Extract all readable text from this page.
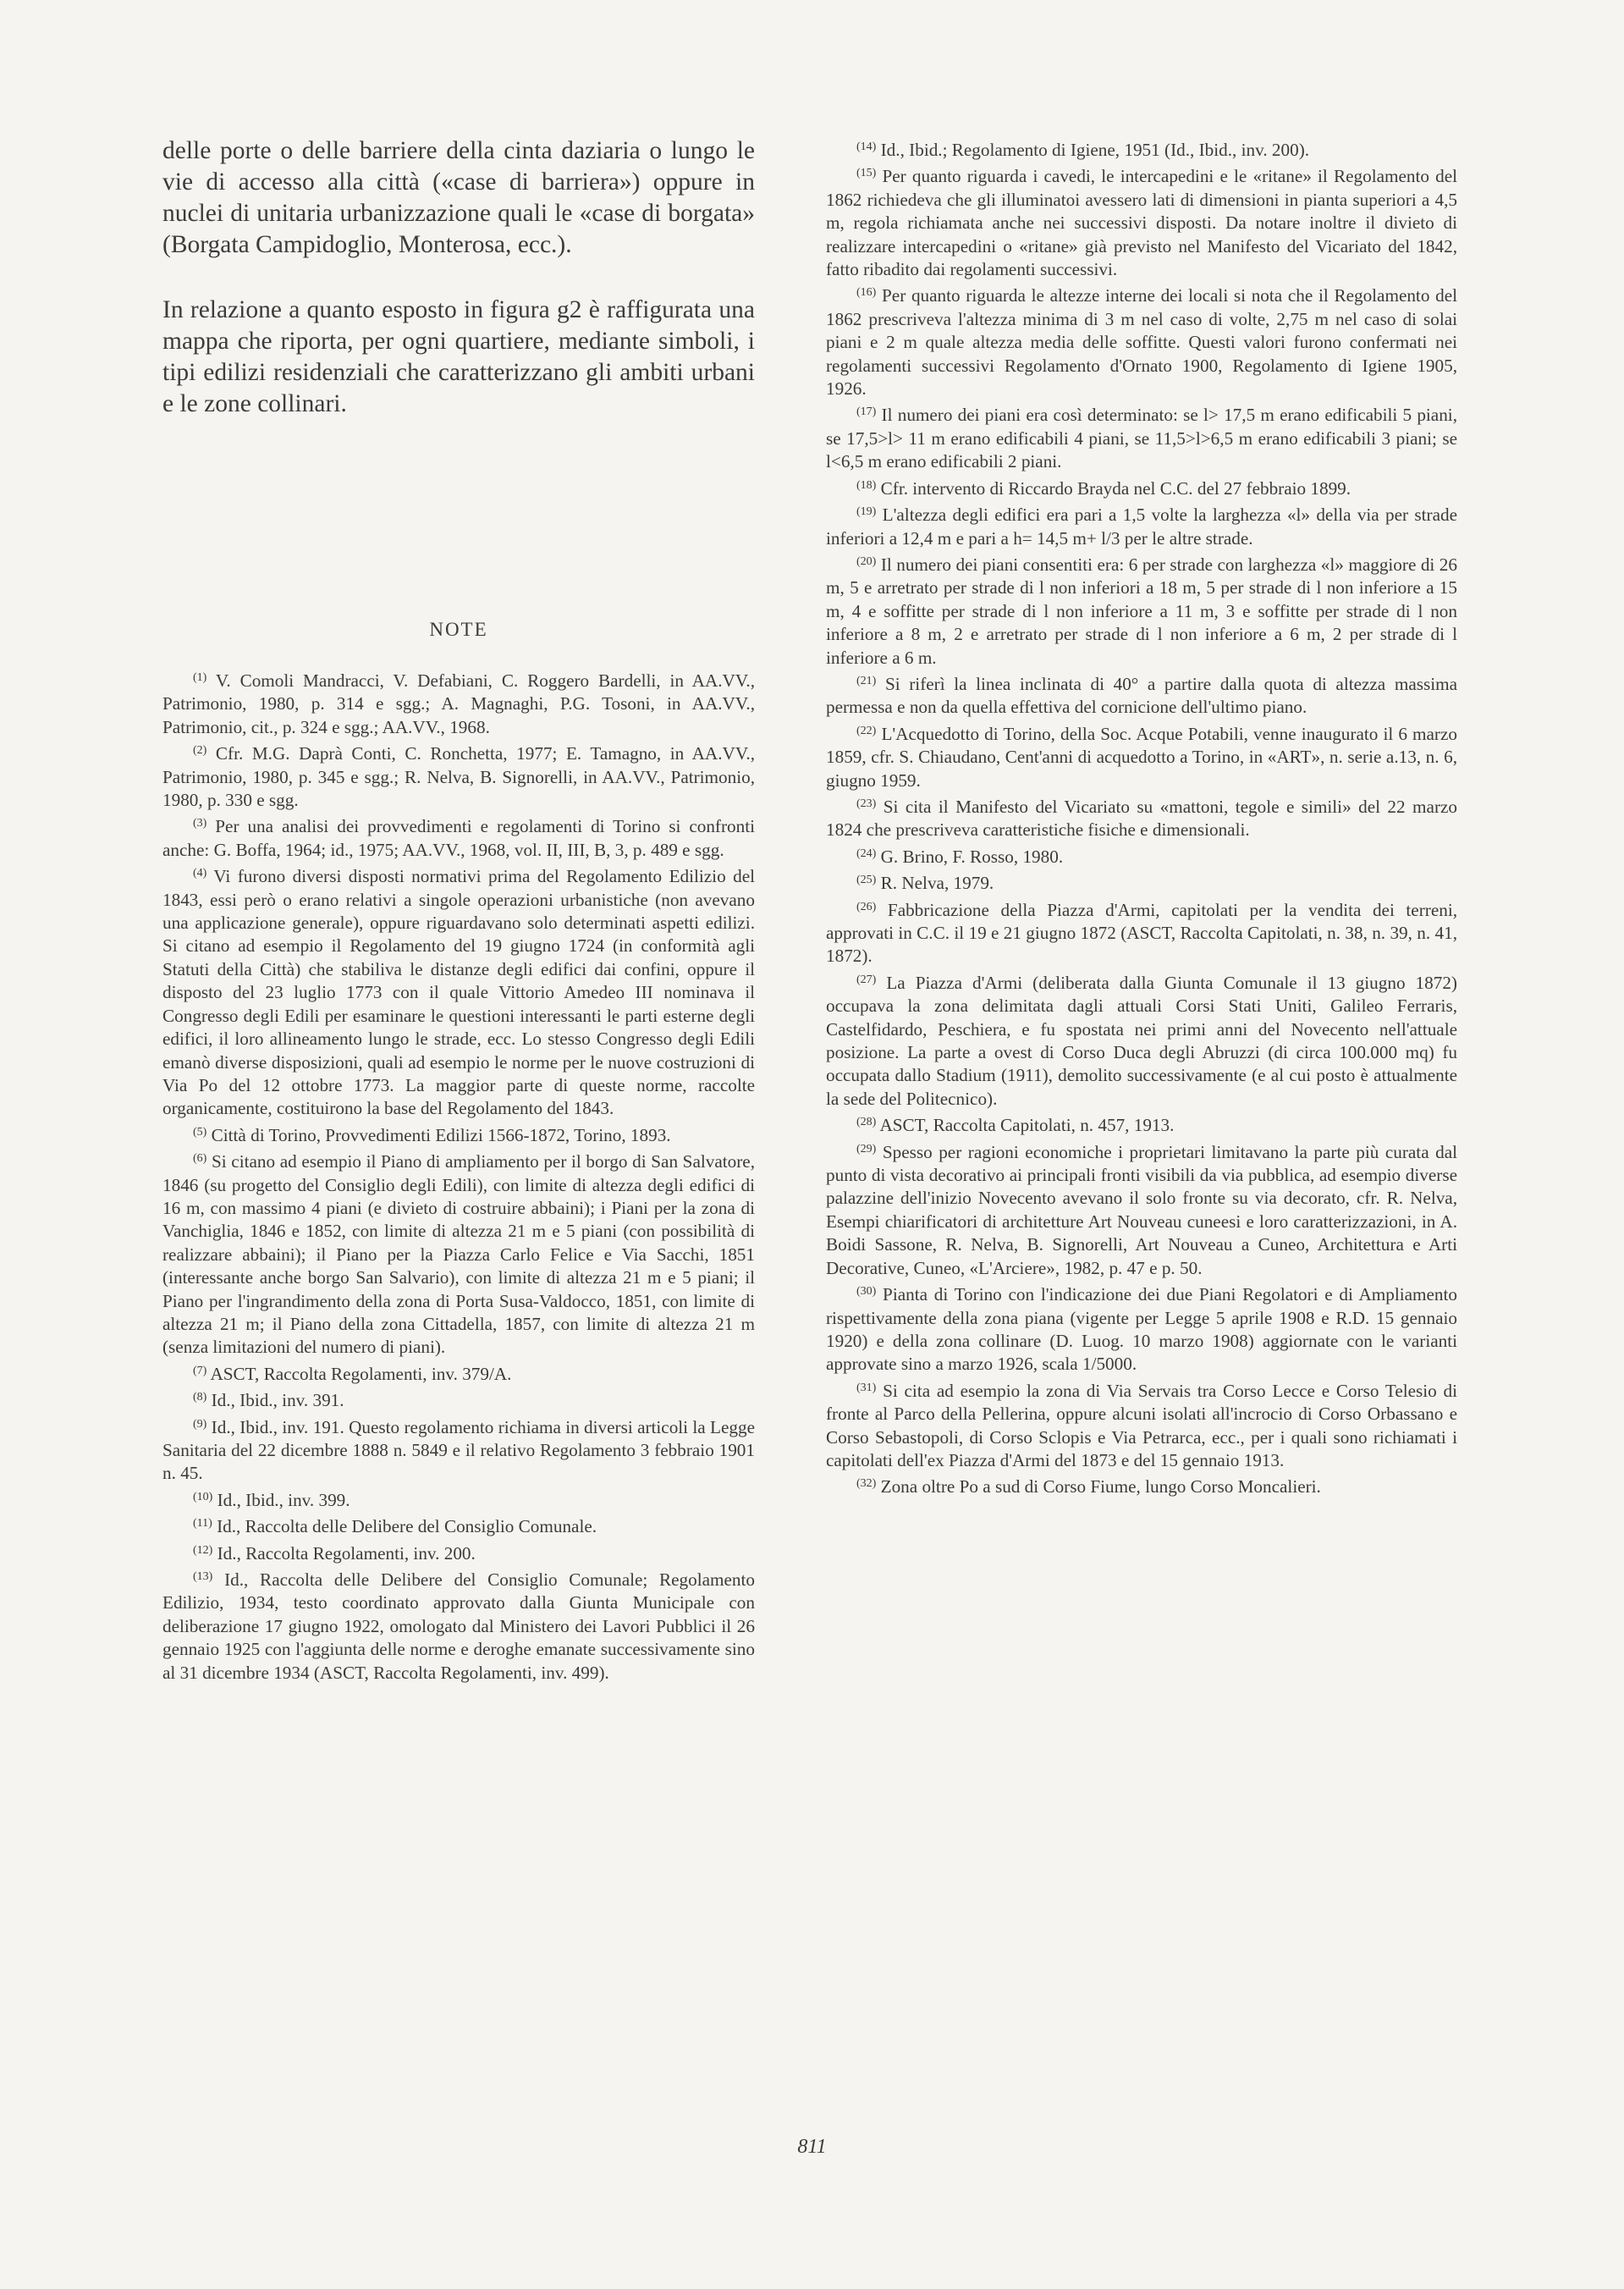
delle porte o delle barriere della cinta daziaria o lungo le vie di accesso alla città («case di barriera») oppure in nuclei di unitaria urbanizzazione quali le «case di borgata» (Borgata Campidoglio, Monterosa, ecc.).

In relazione a quanto esposto in figura g2 è raffigurata una mappa che riporta, per ogni quartiere, mediante simboli, i tipi edilizi residenziali che caratterizzano gli ambiti urbani e le zone collinari.

NOTE

$^{(1)}$ V. Comoli Mandracci, V. Defabiani, C. Roggero Bardelli, in AA.VV., Patrimonio, 1980, p. 314 e sgg.; A. Magnaghi, P.G. Tosoni, in AA.VV., Patrimonio, cit., p. 324 e sgg.; AA.VV., 1968.

$^{(2)}$ Cfr. M.G. Daprà Conti, C. Ronchetta, 1977; E. Tamagno, in AA.VV., Patrimonio, 1980, p. 345 e sgg.; R. Nelva, B. Signorelli, in AA.VV., Patrimonio, 1980, p. 330 e sgg.

$^{(3)}$ Per una analisi dei provvedimenti e regolamenti di Torino si confronti anche: G. Boffa, 1964; id., 1975; AA.VV., 1968, vol. II, III, B, 3, p. 489 e sgg.

$^{(4)}$ Vi furono diversi disposti normativi prima del Regolamento Edilizio del 1843, essi però o erano relativi a singole operazioni urbanistiche (non avevano una applicazione generale), oppure riguardavano solo determinati aspetti edilizi. Si citano ad esempio il Regolamento del 19 giugno 1724 (in conformità agli Statuti della Città) che stabiliva le distanze degli edifici dai confini, oppure il disposto del 23 luglio 1773 con il quale Vittorio Amedeo III nominava il Congresso degli Edili per esaminare le questioni interessanti le parti esterne degli edifici, il loro allineamento lungo le strade, ecc. Lo stesso Congresso degli Edili emanò diverse disposizioni, quali ad esempio le norme per le nuove costruzioni di Via Po del 12 ottobre 1773. La maggior parte di queste norme, raccolte organicamente, costituirono la base del Regolamento del 1843.

$^{(5)}$ Città di Torino, Provvedimenti Edilizi 1566-1872, Torino, 1893.

$^{(6)}$ Si citano ad esempio il Piano di ampliamento per il borgo di San Salvatore, 1846 (su progetto del Consiglio degli Edili), con limite di altezza degli edifici di 16 m, con massimo 4 piani (e divieto di costruire abbaini); i Piani per la zona di Vanchiglia, 1846 e 1852, con limite di altezza 21 m e 5 piani (con possibilità di realizzare abbaini); il Piano per la Piazza Carlo Felice e Via Sacchi, 1851 (interessante anche borgo San Salvario), con limite di altezza 21 m e 5 piani; il Piano per l'ingrandimento della zona di Porta Susa-Valdocco, 1851, con limite di altezza 21 m; il Piano della zona Cittadella, 1857, con limite di altezza 21 m (senza limitazioni del numero di piani).

$^{(7)}$ ASCT, Raccolta Regolamenti, inv. 379/A.

$^{(8)}$ Id., Ibid., inv. 391.

$^{(9)}$ Id., Ibid., inv. 191. Questo regolamento richiama in diversi articoli la Legge Sanitaria del 22 dicembre 1888 n. 5849 e il relativo Regolamento 3 febbraio 1901 n. 45.

$^{(10)}$ Id., Ibid., inv. 399.

$^{(11)}$ Id., Raccolta delle Delibere del Consiglio Comunale.

$^{(12)}$ Id., Raccolta Regolamenti, inv. 200.

$^{(13)}$ Id., Raccolta delle Delibere del Consiglio Comunale; Regolamento Edilizio, 1934, testo coordinato approvato dalla Giunta Municipale con deliberazione 17 giugno 1922, omologato dal Ministero dei Lavori Pubblici il 26 gennaio 1925 con l'aggiunta delle norme e deroghe emanate successivamente sino al 31 dicembre 1934 (ASCT, Raccolta Regolamenti, inv. 499).

$^{(14)}$ Id., Ibid.; Regolamento di Igiene, 1951 (Id., Ibid., inv. 200).

$^{(15)}$ Per quanto riguarda i cavedi, le intercapedini e le «ritane» il Regolamento del 1862 richiedeva che gli illuminatoi avessero lati di dimensioni in pianta superiori a 4,5 m, regola richiamata anche nei successivi disposti. Da notare inoltre il divieto di realizzare intercapedini o «ritane» già previsto nel Manifesto del Vicariato del 1842, fatto ribadito dai regolamenti successivi.

$^{(16)}$ Per quanto riguarda le altezze interne dei locali si nota che il Regolamento del 1862 prescriveva l'altezza minima di 3 m nel caso di volte, 2,75 m nel caso di solai piani e 2 m quale altezza media delle soffitte. Questi valori furono confermati nei regolamenti successivi Regolamento d'Ornato 1900, Regolamento di Igiene 1905, 1926.

$^{(17)}$ Il numero dei piani era così determinato: se l> 17,5 m erano edificabili 5 piani, se 17,5>l> 11 m erano edificabili 4 piani, se 11,5>l>6,5 m erano edificabili 3 piani; se l<6,5 m erano edificabili 2 piani.

$^{(18)}$ Cfr. intervento di Riccardo Brayda nel C.C. del 27 febbraio 1899.

$^{(19)}$ L'altezza degli edifici era pari a 1,5 volte la larghezza «l» della via per strade inferiori a 12,4 m e pari a h= 14,5 m+ l/3 per le altre strade.

$^{(20)}$ Il numero dei piani consentiti era: 6 per strade con larghezza «l» maggiore di 26 m, 5 e arretrato per strade di l non inferiori a 18 m, 5 per strade di l non inferiore a 15 m, 4 e soffitte per strade di l non inferiore a 11 m, 3 e soffitte per strade di l non inferiore a 8 m, 2 e arretrato per strade di l non inferiore a 6 m, 2 per strade di l inferiore a 6 m.

$^{(21)}$ Si riferì la linea inclinata di 40° a partire dalla quota di altezza massima permessa e non da quella effettiva del cornicione dell'ultimo piano.

$^{(22)}$ L'Acquedotto di Torino, della Soc. Acque Potabili, venne inaugurato il 6 marzo 1859, cfr. S. Chiaudano, Cent'anni di acquedotto a Torino, in «ART», n. serie a.13, n. 6, giugno 1959.

$^{(23)}$ Si cita il Manifesto del Vicariato su «mattoni, tegole e simili» del 22 marzo 1824 che prescriveva caratteristiche fisiche e dimensionali.

$^{(24)}$ G. Brino, F. Rosso, 1980.

$^{(25)}$ R. Nelva, 1979.

$^{(26)}$ Fabbricazione della Piazza d'Armi, capitolati per la vendita dei terreni, approvati in C.C. il 19 e 21 giugno 1872 (ASCT, Raccolta Capitolati, n. 38, n. 39, n. 41, 1872).

$^{(27)}$ La Piazza d'Armi (deliberata dalla Giunta Comunale il 13 giugno 1872) occupava la zona delimitata dagli attuali Corsi Stati Uniti, Galileo Ferraris, Castelfidardo, Peschiera, e fu spostata nei primi anni del Novecento nell'attuale posizione. La parte a ovest di Corso Duca degli Abruzzi (di circa 100.000 mq) fu occupata dallo Stadium (1911), demolito successivamente (e al cui posto è attualmente la sede del Politecnico).

$^{(28)}$ ASCT, Raccolta Capitolati, n. 457, 1913.

$^{(29)}$ Spesso per ragioni economiche i proprietari limitavano la parte più curata dal punto di vista decorativo ai principali fronti visibili da via pubblica, ad esempio diverse palazzine dell'inizio Novecento avevano il solo fronte su via decorato, cfr. R. Nelva, Esempi chiarificatori di architetture Art Nouveau cuneesi e loro caratterizzazioni, in A. Boidi Sassone, R. Nelva, B. Signorelli, Art Nouveau a Cuneo, Architettura e Arti Decorative, Cuneo, «L'Arciere», 1982, p. 47 e p. 50.

$^{(30)}$ Pianta di Torino con l'indicazione dei due Piani Regolatori e di Ampliamento rispettivamente della zona piana (vigente per Legge 5 aprile 1908 e R.D. 15 gennaio 1920) e della zona collinare (D. Luog. 10 marzo 1908) aggiornate con le varianti approvate sino a marzo 1926, scala 1/5000.

$^{(31)}$ Si cita ad esempio la zona di Via Servais tra Corso Lecce e Corso Telesio di fronte al Parco della Pellerina, oppure alcuni isolati all'incrocio di Corso Orbassano e Corso Sebastopoli, di Corso Sclopis e Via Petrarca, ecc., per i quali sono richiamati i capitolati dell'ex Piazza d'Armi del 1873 e del 15 gennaio 1913.

$^{(32)}$ Zona oltre Po a sud di Corso Fiume, lungo Corso Moncalieri.

811
